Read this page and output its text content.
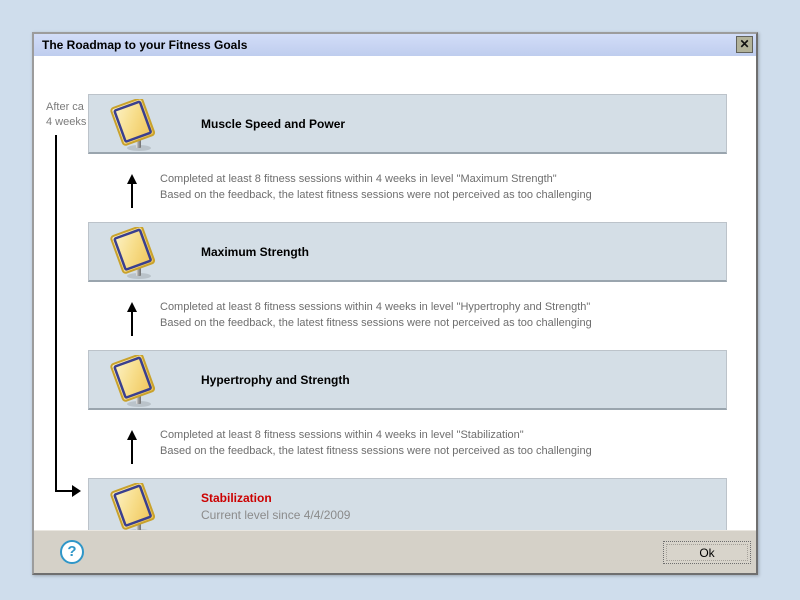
The Roadmap to your Fitness Goals	✕
After ca
4 weeks	Muscle Speed and Power
Completed at least 8 fitness sessions within 4 weeks in level "Maximum Strength"
Based on the feedback, the latest fitness sessions were not perceived as too challenging
Maximum Strength
Completed at least 8 fitness sessions within 4 weeks in level "Hypertrophy and Strength"
Based on the feedback, the latest fitness sessions were not perceived as too challenging
Hypertrophy and Strength
Completed at least 8 fitness sessions within 4 weeks in level "Stabilization"
Based on the feedback, the latest fitness sessions were not perceived as too challenging
Stabilization
Current level since 4/4/2009
?	Ok
